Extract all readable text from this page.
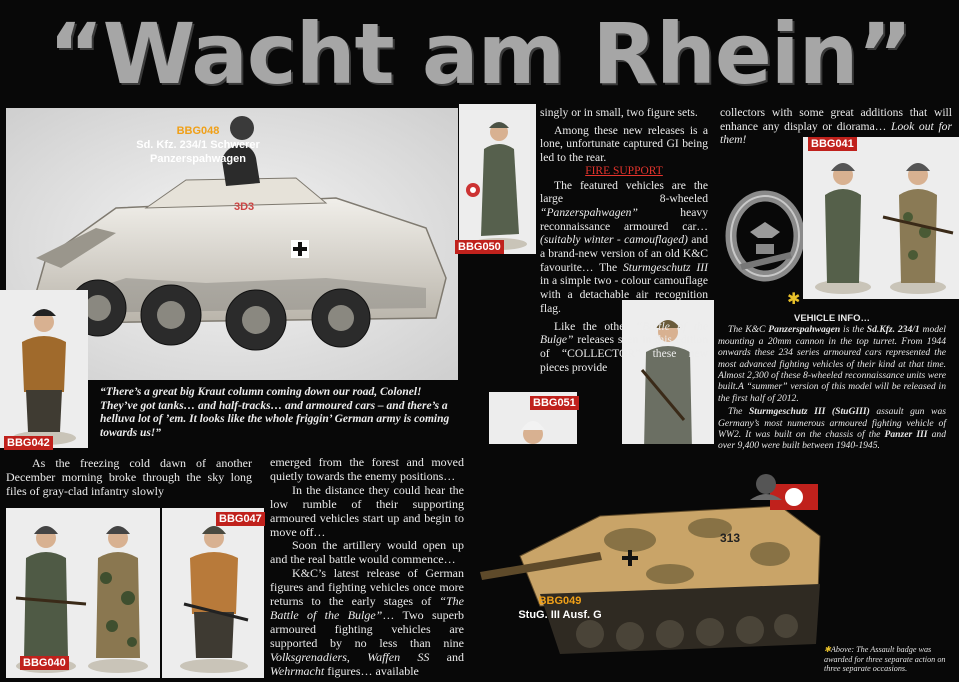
“Wacht am Rhein”
3D3
BBG048
Sd. Kfz. 234/1 Schwerer
Panzerspahwagen
BBG050
BBG042
BBG041
BBG051
BBG040
BBG047
313
BBG049
StuG. III Ausf. G
“There’s a great big Kraut column coming down our road, Colonel! They’ve got tanks… and half-tracks… and armoured cars – and there’s a helluva lot of ’em. It looks like the whole friggin’ German army is coming towards us!”

As the freezing cold dawn of another December morning broke through the sky long files of gray-clad infantry slowly

emerged from the forest and moved quietly towards the enemy positions…

In the distance they could hear the low rumble of their supporting armoured vehicles start up and begin to move off…

Soon the artillery would open up and the real battle would commence…

K&C’s latest release of German figures and fighting vehicles once more returns to the early stages of “The Battle of the Bulge”… Two superb armoured fighting vehicles are supported by no less than nine Volksgrenadiers, Waffen SS and Wehrmacht figures… available

singly or in small, two figure sets.

Among these new releases is a lone, unfortunate captured GI being led to the rear.

FIRE SUPPORT

The featured vehicles are the large 8-wheeled “Panzerspahwagen” heavy reconnaissance armoured car… (suitably winter - camouflaged) and a brand-new version of an old K&C favourite… The Sturmgeschutz III in a simple two - colour camouflage with a detachable air recognition flag.

Like the other “Battle of the Bulge” releases seen in this edition of “COLLECTOR” these new pieces provide

collectors with some great additions that will enhance any display or diorama… Look out for them!

✱
VEHICLE INFO…

The K&C Panzerspahwagen is the Sd.Kfz. 234/1 model mounting a 20mm cannon in the top turret. From 1944 onwards these 234 series armoured cars represented the most advanced fighting vehicles of their kind at that time. Almost 2,300 of these 8-wheeled reconnaissance units were built.A “summer” version of this model will be released in the first half of 2012.

The Sturmgeschutz III (StuGIII) assault gun was Germany’s most numerous armoured fighting vehicle of WW2. It was built on the chassis of the Panzer III and over 9,400 were built between 1940-1945.

✱Above: The Assault badge was awarded for three separate action on three separate occasions.
